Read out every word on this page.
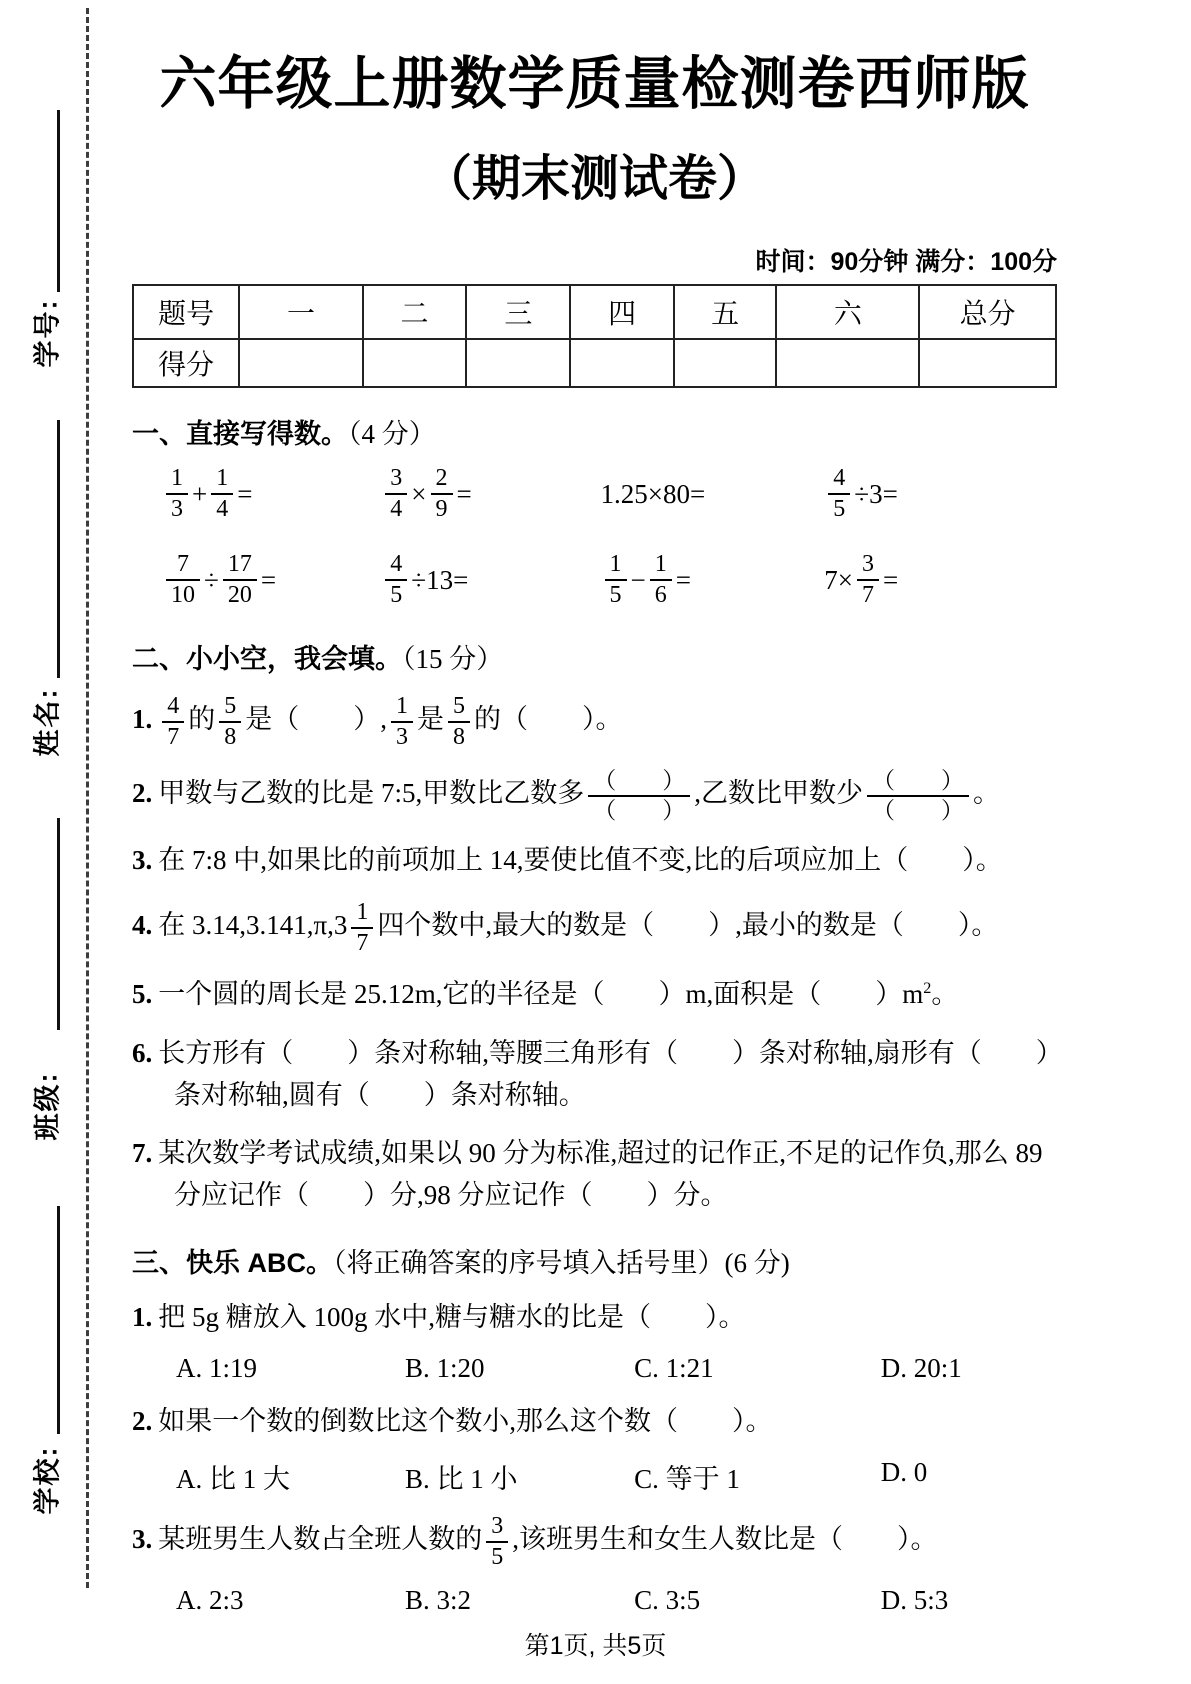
学号:
姓名:
班级:
学校:
六年级上册数学质量检测卷西师版
（期末测试卷）
时间：90分钟 满分：100分
题号	一	二	三	四	五	六	总分
得分							
一、直接写得数。（4 分）
$\frac{1}{3} + \frac{1}{4}$ =	$\frac{3}{4} \times \frac{2}{9}$ =	1.25×80=	$\frac{4}{5} \div 3=$
$\frac{7}{10} \div \frac{17}{20}$ =	$\frac{4}{5} \div 13=$	$\frac{1}{5} - \frac{1}{6}$ =	$7\times \frac{3}{7}$ =
二、小小空，我会填。（15 分）
1. $\frac{4}{7}$ 的 $\frac{5}{8}$ 是（　　）, $\frac{1}{3}$ 是 $\frac{5}{8}$ 的（　　）。
2. 甲数与乙数的比是 7:5,甲数比乙数多 $\frac{( )}{( )}$ ,乙数比甲数少 $\frac{( )}{( )}$ 。
3. 在 7:8 中,如果比的前项加上 14,要使比值不变,比的后项应加上（　　）。
4. 在 $3.14,3.141,\pi,3 \frac{1}{7}$ 四个数中,最大的数是（　　）,最小的数是（　　）。
5. 一个圆的周长是 25.12m,它的半径是（　　）m,面积是（　　）$m^2$。
6. 长方形有（　　）条对称轴,等腰三角形有（　　）条对称轴,扇形有（　　）条对称轴,圆有（　　）条对称轴。
7. 某次数学考试成绩,如果以 90 分为标准,超过的记作正,不足的记作负,那么 89 分应记作（　　）分,98 分应记作（　　）分。
三、快乐 ABC。（将正确答案的序号填入括号里）(6 分)
1. 把 5g 糖放入 100g 水中,糖与糖水的比是（　　）。
A. 1:19	B. 1:20	C. 1:21	D. 20:1
2. 如果一个数的倒数比这个数小,那么这个数（　　）。
A. 比 1 大	B. 比 1 小	C. 等于 1	D. 0
3. 某班男生人数占全班人数的 $\frac{3}{5}$ ,该班男生和女生人数比是（　　）。
A. 2:3	B. 3:2	C. 3:5	D. 5:3
第1页, 共5页
